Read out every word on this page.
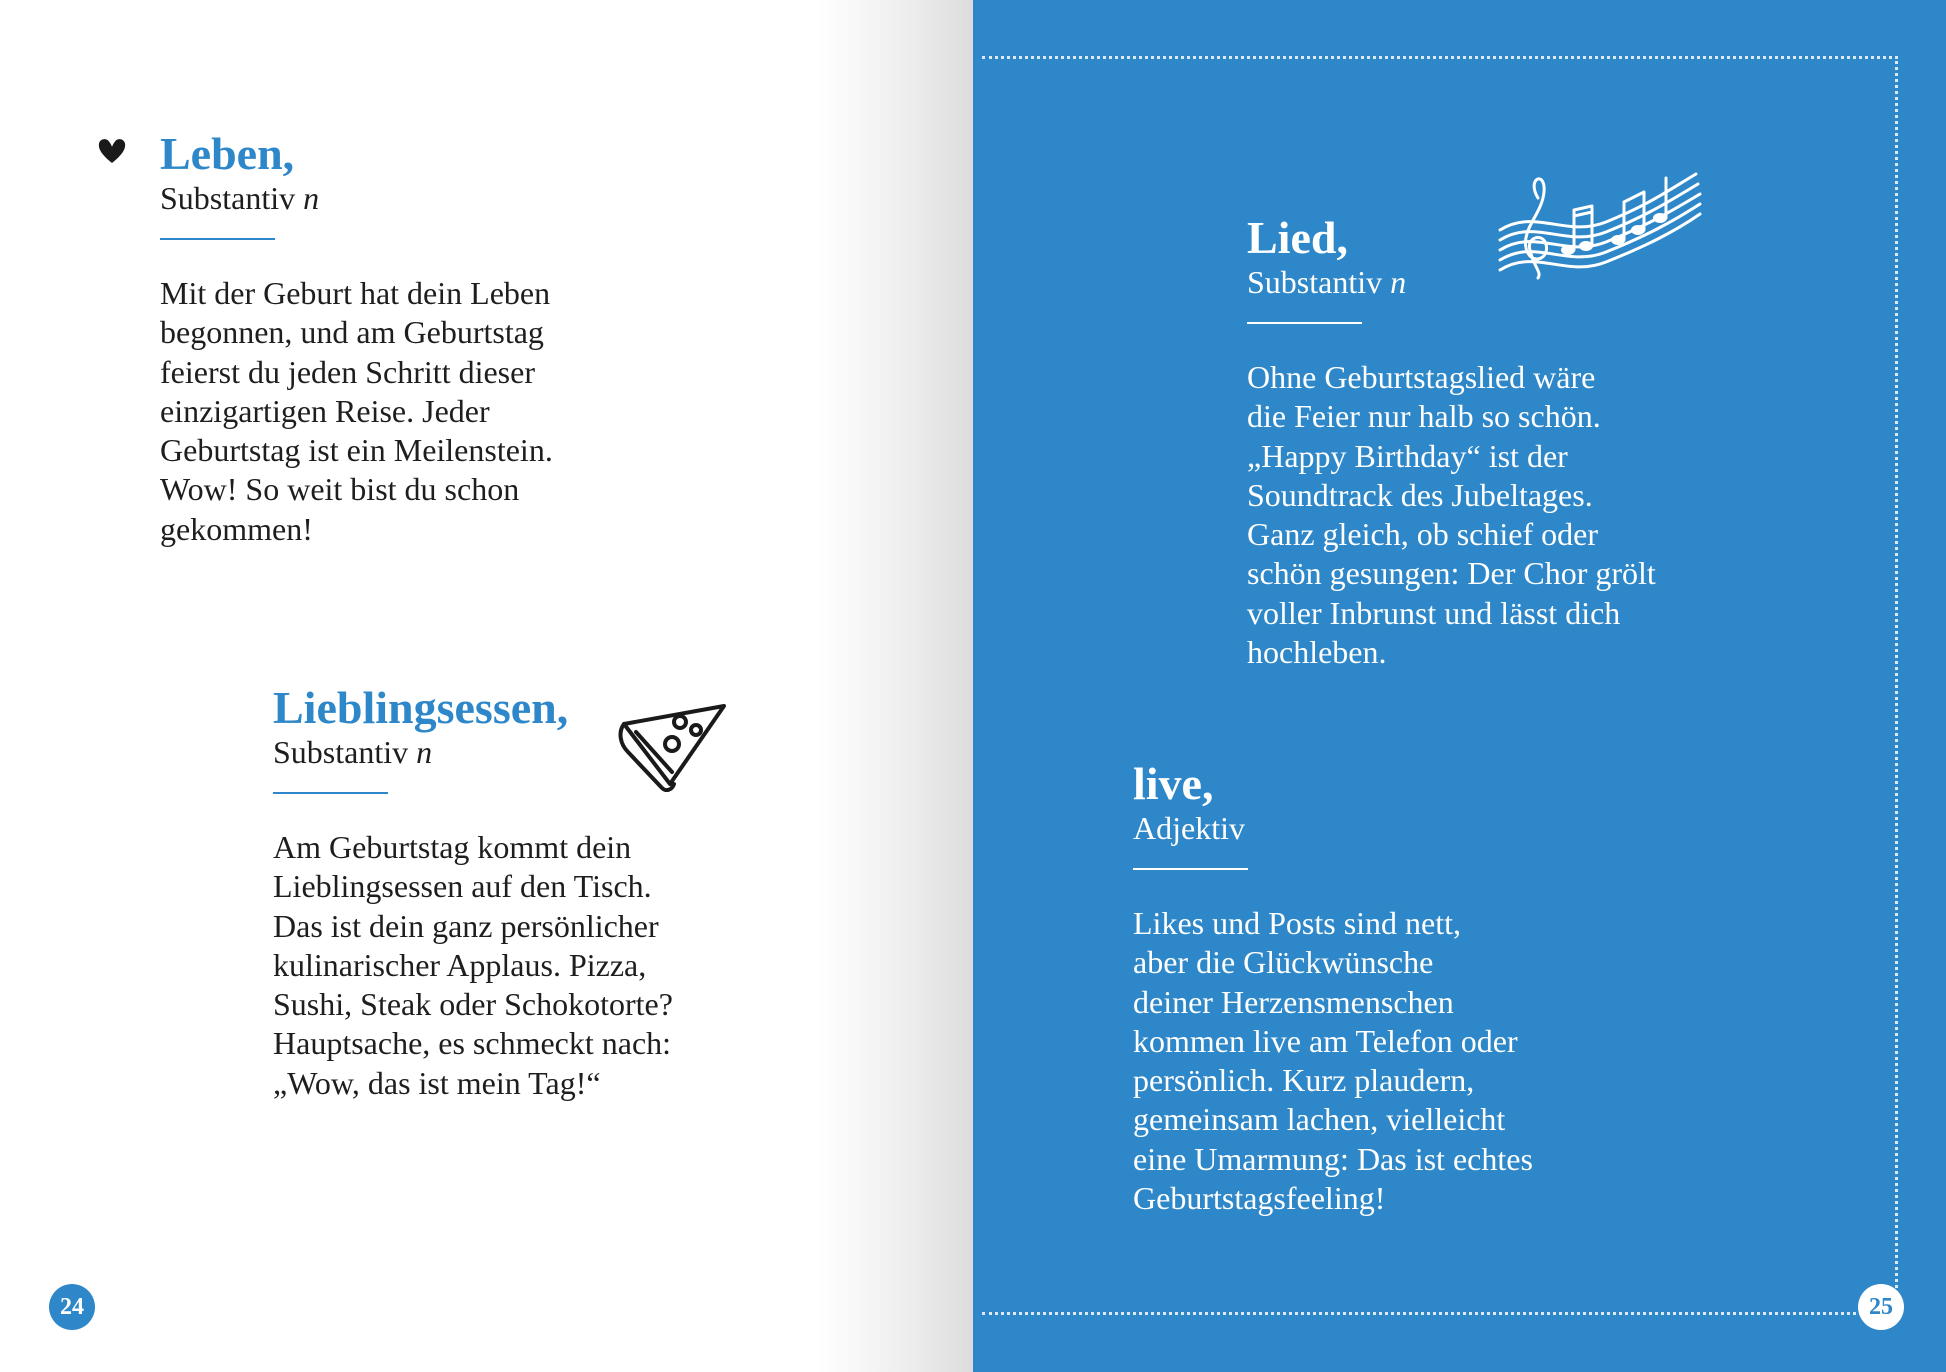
Leben,
Substantiv n
Mit der Geburt hat dein Leben
begonnen, und am Geburtstag
feierst du jeden Schritt dieser
einzigartigen Reise. Jeder
Geburtstag ist ein Meilenstein.
Wow! So weit bist du schon
gekommen!
Lieblingsessen,
Substantiv n
Am Geburtstag kommt dein
Lieblingsessen auf den Tisch.
Das ist dein ganz persönlicher
kulinarischer Applaus. Pizza,
Sushi, Steak oder Schokotorte?
Hauptsache, es schmeckt nach:
„Wow, das ist mein Tag!“
Lied,
Substantiv n
Ohne Geburtstagslied wäre
die Feier nur halb so schön.
„Happy Birthday“ ist der
Soundtrack des Jubeltages.
Ganz gleich, ob schief oder
schön gesungen: Der Chor grölt
voller Inbrunst und lässt dich
hochleben.
live,
Adjektiv
Likes und Posts sind nett,
aber die Glückwünsche
deiner Herzensmenschen
kommen live am Telefon oder
persönlich. Kurz plaudern,
gemeinsam lachen, vielleicht
eine Umarmung: Das ist echtes
Geburtstagsfeeling!
24	25
